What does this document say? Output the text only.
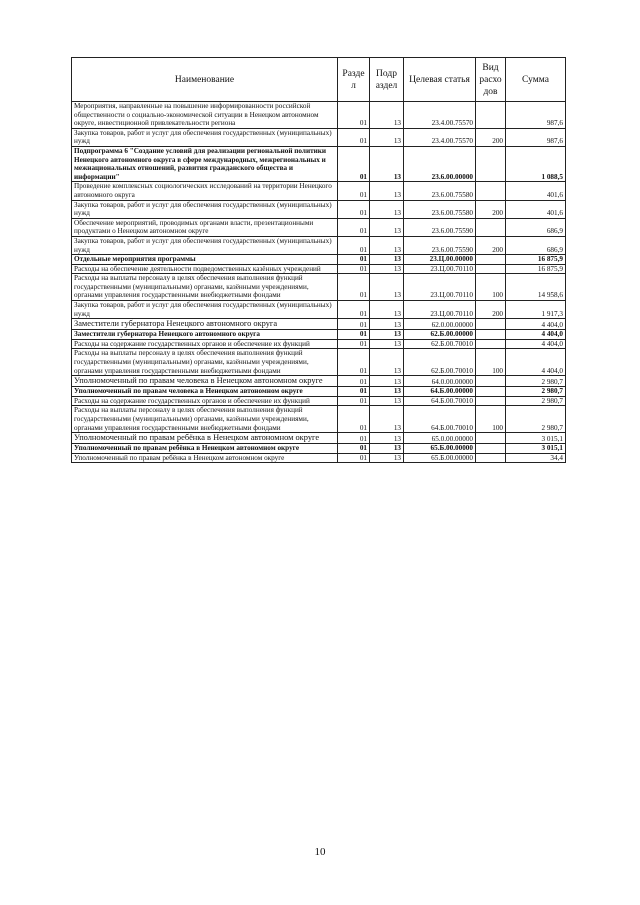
Наименование	Разде л	Подр аздел	Целевая статья	Вид расхо дов	Сумма
Мероприятия, направленные на повышение информированности российской общественности о социально-экономической ситуации в Ненецком автономном округе, инвестиционной привлекательности региона	01	13	23.4.00.75570		987,6
Закупка товаров, работ и услуг для обеспечения государственных (муниципальных) нужд	01	13	23.4.00.75570	200	987,6
Подпрограмма 6 "Создание условий для реализации региональной политики Ненецкого автономного округа в сфере международных, межрегиональных и межнациональных отношений, развития гражданского общества и информации"	01	13	23.6.00.00000		1 088,5
Проведение комплексных социологических исследований на территории Ненецкого автономного округа	01	13	23.6.00.75580		401,6
Закупка товаров, работ и услуг для обеспечения государственных (муниципальных) нужд	01	13	23.6.00.75580	200	401,6
Обеспечение мероприятий, проводимых органами власти, презентационными продуктами о Ненецком автономном округе	01	13	23.6.00.75590		686,9
Закупка товаров, работ и услуг для обеспечения государственных (муниципальных) нужд	01	13	23.6.00.75590	200	686,9
Отдельные мероприятия программы	01	13	23.Ц.00.00000		16 875,9
Расходы на обеспечение деятельности подведомственных казённых учреждений	01	13	23.Ц.00.70110		16 875,9
Расходы на выплаты персоналу в целях обеспечения выполнения функций государственными (муниципальными) органами, казёнными учреждениями, органами управления государственными внебюджетными фондами	01	13	23.Ц.00.70110	100	14 958,6
Закупка товаров, работ и услуг для обеспечения государственных (муниципальных) нужд	01	13	23.Ц.00.70110	200	1 917,3
Заместители губернатора Ненецкого автономного округа	01	13	62.0.00.00000		4 404,0
Заместители губернатора Ненецкого автономного округа	01	13	62.Б.00.00000		4 404,0
Расходы на содержание государственных органов и обеспечение их функций	01	13	62.Б.00.70010		4 404,0
Расходы на выплаты персоналу в целях обеспечения выполнения функций государственными (муниципальными) органами, казёнными учреждениями, органами управления государственными внебюджетными фондами	01	13	62.Б.00.70010	100	4 404,0
Уполномоченный по правам человека в Ненецком автономном округе	01	13	64.0.00.00000		2 980,7
Уполномоченный по правам человека в Ненецком автономном округе	01	13	64.Б.00.00000		2 980,7
Расходы на содержание государственных органов и обеспечение их функций	01	13	64.Б.00.70010		2 980,7
Расходы на выплаты персоналу в целях обеспечения выполнения функций государственными (муниципальными) органами, казёнными учреждениями, органами управления государственными внебюджетными фондами	01	13	64.Б.00.70010	100	2 980,7
Уполномоченный по правам ребёнка в Ненецком автономном округе	01	13	65.0.00.00000		3 015,1
Уполномоченный по правам ребёнка в Ненецком автономном округе	01	13	65.Б.00.00000		3 015,1
Уполномоченный по правам ребёнка в Ненецком автономном округе	01	13	65.Б.00.00000		34,4
10
